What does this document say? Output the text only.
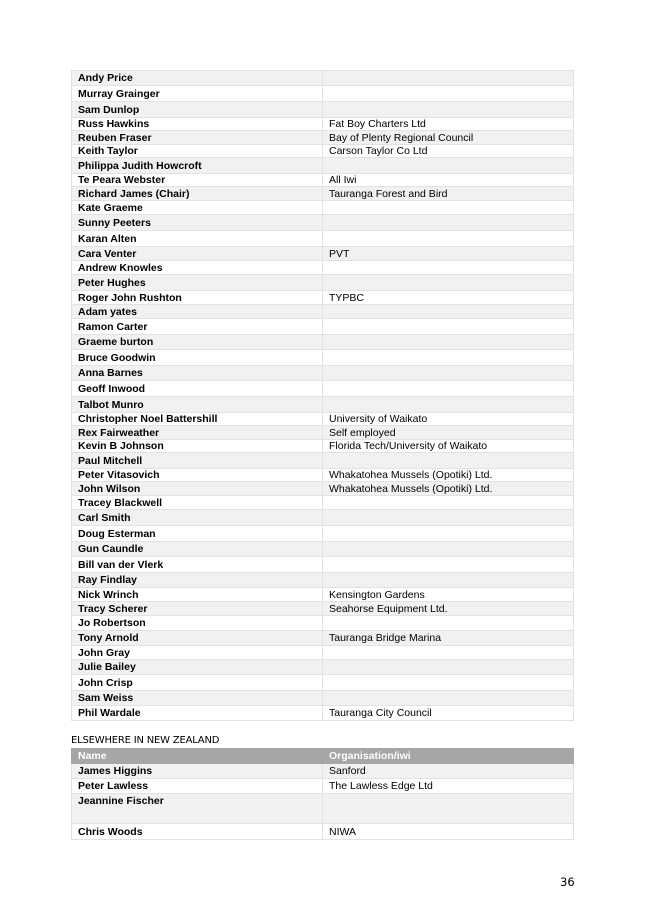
Andy Price	
Murray Grainger	
Sam Dunlop	
Russ Hawkins	Fat Boy Charters Ltd
Reuben Fraser	Bay of Plenty Regional Council
Keith Taylor	Carson Taylor Co Ltd
Philippa Judith Howcroft	
Te Peara Webster	All Iwi
Richard James (Chair)	Tauranga Forest and Bird
Kate Graeme	
Sunny Peeters	
Karan Alten	
Cara Venter	PVT
Andrew Knowles	
Peter Hughes	
Roger John Rushton	TYPBC
Adam yates	
Ramon Carter	
Graeme burton	
Bruce Goodwin	
Anna Barnes	
Geoff Inwood	
Talbot Munro	
Christopher Noel Battershill	University of Waikato
Rex Fairweather	Self employed
Kevin B Johnson	Florida Tech/University of Waikato
Paul Mitchell	
Peter Vitasovich	Whakatohea Mussels (Opotiki) Ltd.
John Wilson	Whakatohea Mussels (Opotiki) Ltd.
Tracey Blackwell	
Carl Smith	
Doug Esterman	
Gun Caundle	
Bill van der Vlerk	
Ray Findlay	
Nick Wrinch	Kensington Gardens
Tracy Scherer	Seahorse Equipment Ltd.
Jo Robertson	
Tony Arnold	Tauranga Bridge Marina
John Gray	
Julie Bailey	
John Crisp	
Sam Weiss	
Phil Wardale	Tauranga City Council
ELSEWHERE IN NEW ZEALAND
Name	Organisation/iwi
James Higgins	Sanford
Peter Lawless	The Lawless Edge Ltd
Jeannine Fischer	
Chris Woods	NIWA
36
